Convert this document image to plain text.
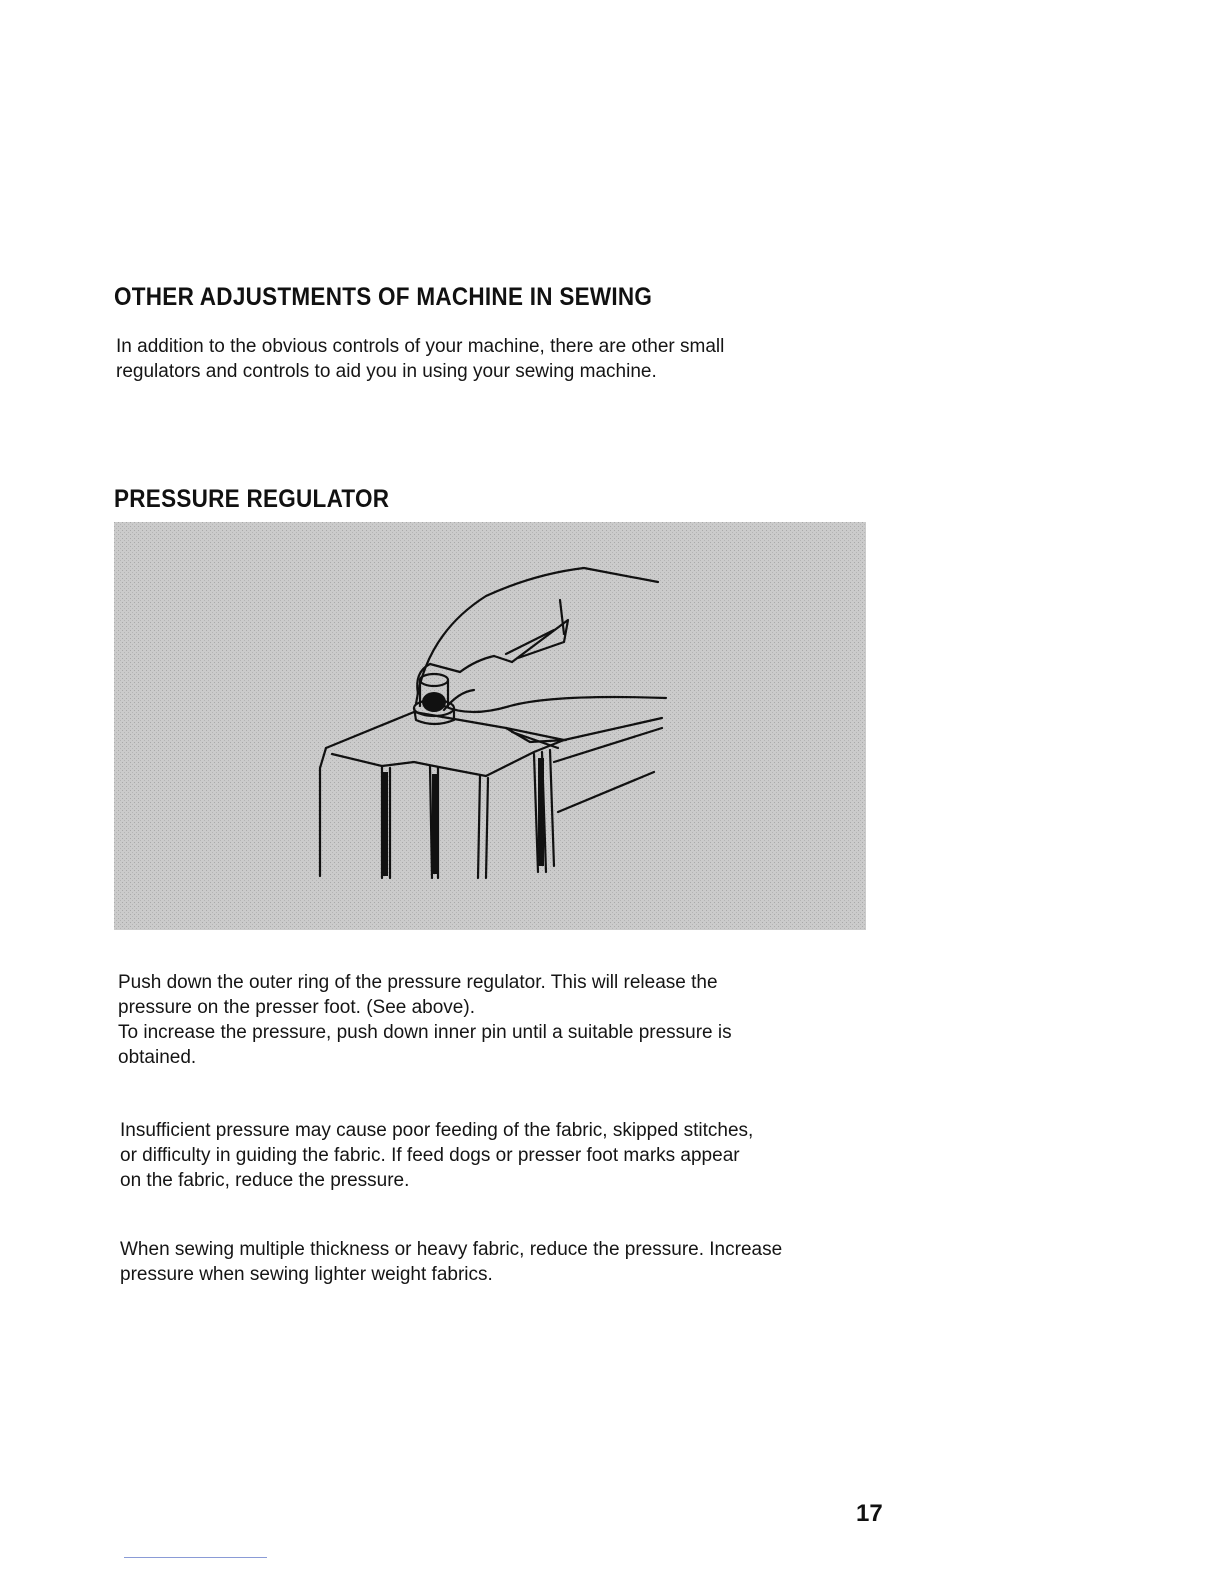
OTHER ADJUSTMENTS OF MACHINE IN SEWING

In addition to the obvious controls of your machine, there are other small
regulators and controls to aid you in using your sewing machine.

PRESSURE REGULATOR

Push down the outer ring of the pressure regulator. This will release the
pressure on the presser foot. (See above).
To increase the pressure, push down inner pin until a suitable pressure is
obtained.

Insufficient pressure may cause poor feeding of the fabric, skipped stitches,
or difficulty in guiding the fabric. If feed dogs or presser foot marks appear
on the fabric, reduce the pressure.

When sewing multiple thickness or heavy fabric, reduce the pressure. Increase
pressure when sewing lighter weight fabrics.

17
